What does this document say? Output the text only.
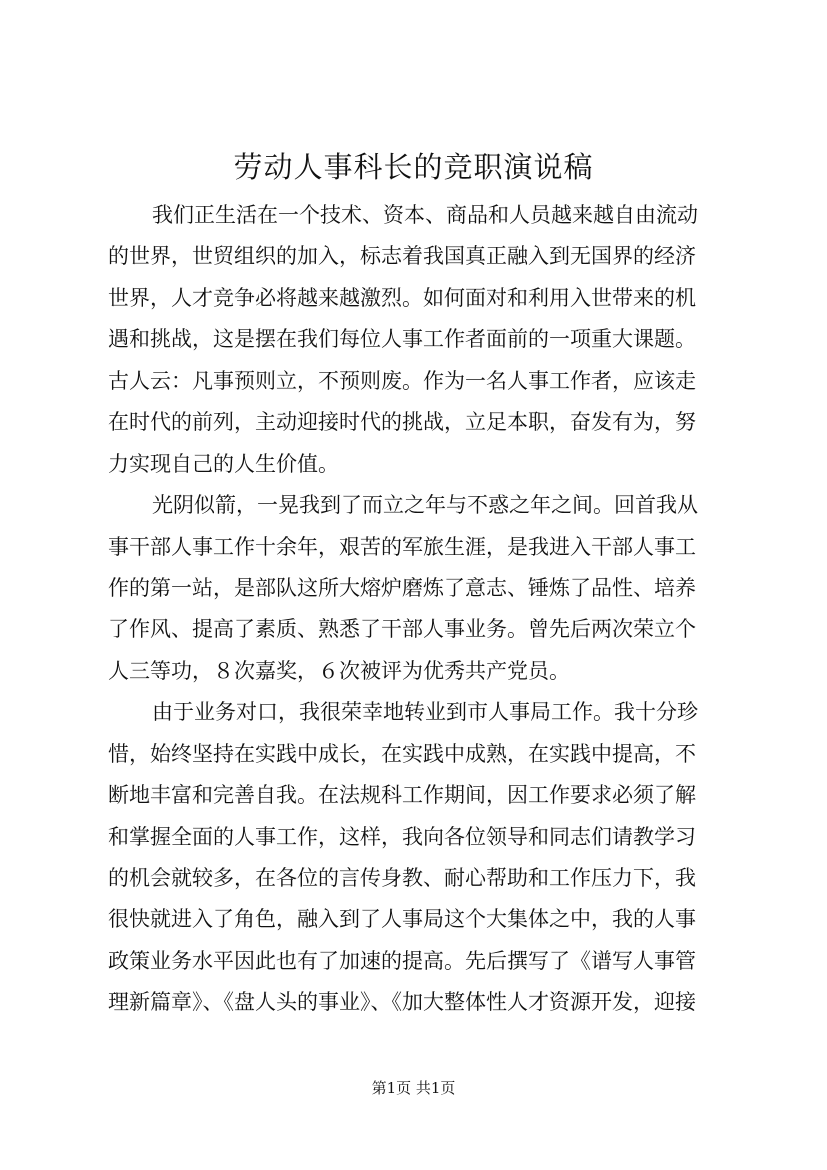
劳动人事科长的竞职演说稿
我们正生活在一个技术、资本、商品和人员越来越自由流动
的世界，世贸组织的加入，标志着我国真正融入到无国界的经济
世界，人才竞争必将越来越激烈。如何面对和利用入世带来的机
遇和挑战，这是摆在我们每位人事工作者面前的一项重大课题。
古人云：凡事预则立，不预则废。作为一名人事工作者，应该走
在时代的前列，主动迎接时代的挑战，立足本职，奋发有为，努
力实现自己的人生价值。
光阴似箭，一晃我到了而立之年与不惑之年之间。回首我从
事干部人事工作十余年，艰苦的军旅生涯，是我进入干部人事工
作的第一站，是部队这所大熔炉磨炼了意志、锤炼了品性、培养
了作风、提高了素质、熟悉了干部人事业务。曾先后两次荣立个
人三等功，８次嘉奖，６次被评为优秀共产党员。
由于业务对口，我很荣幸地转业到市人事局工作。我十分珍
惜，始终坚持在实践中成长，在实践中成熟，在实践中提高，不
断地丰富和完善自我。在法规科工作期间，因工作要求必须了解
和掌握全面的人事工作，这样，我向各位领导和同志们请教学习
的机会就较多，在各位的言传身教、耐心帮助和工作压力下，我
很快就进入了角色，融入到了人事局这个大集体之中，我的人事
政策业务水平因此也有了加速的提高。先后撰写了《谱写人事管
理新篇章》、《盘人头的事业》、《加大整体性人才资源开发，迎接
第1页 共1页
